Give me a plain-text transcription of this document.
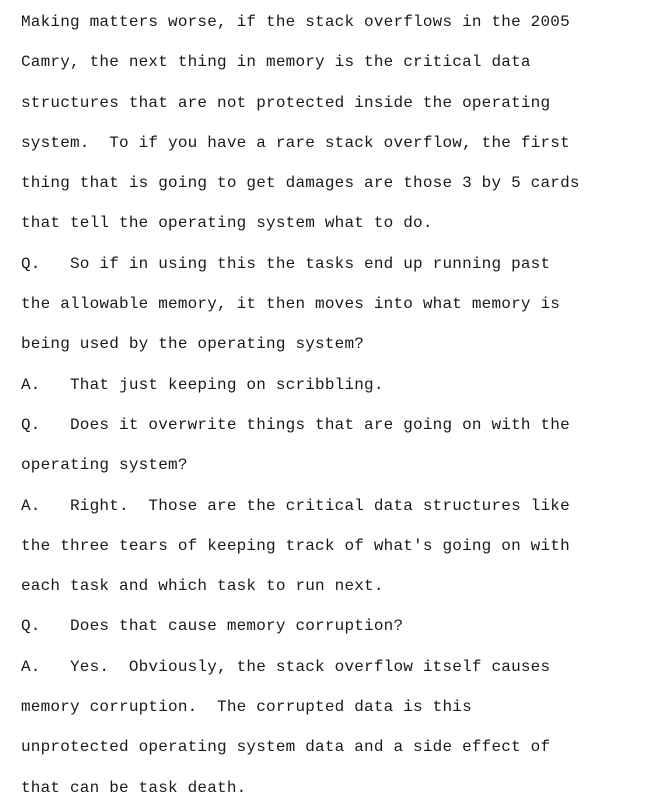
Making matters worse, if the stack overflows in the 2005
Camry, the next thing in memory is the critical data
structures that are not protected inside the operating
system.  To if you have a rare stack overflow, the first
thing that is going to get damages are those 3 by 5 cards
that tell the operating system what to do.
Q.   So if in using this the tasks end up running past
the allowable memory, it then moves into what memory is
being used by the operating system?
A.   That just keeping on scribbling.
Q.   Does it overwrite things that are going on with the
operating system?
A.   Right.  Those are the critical data structures like
the three tears of keeping track of what's going on with
each task and which task to run next.
Q.   Does that cause memory corruption?
A.   Yes.  Obviously, the stack overflow itself causes
memory corruption.  The corrupted data is this
unprotected operating system data and a side effect of
that can be task death.
